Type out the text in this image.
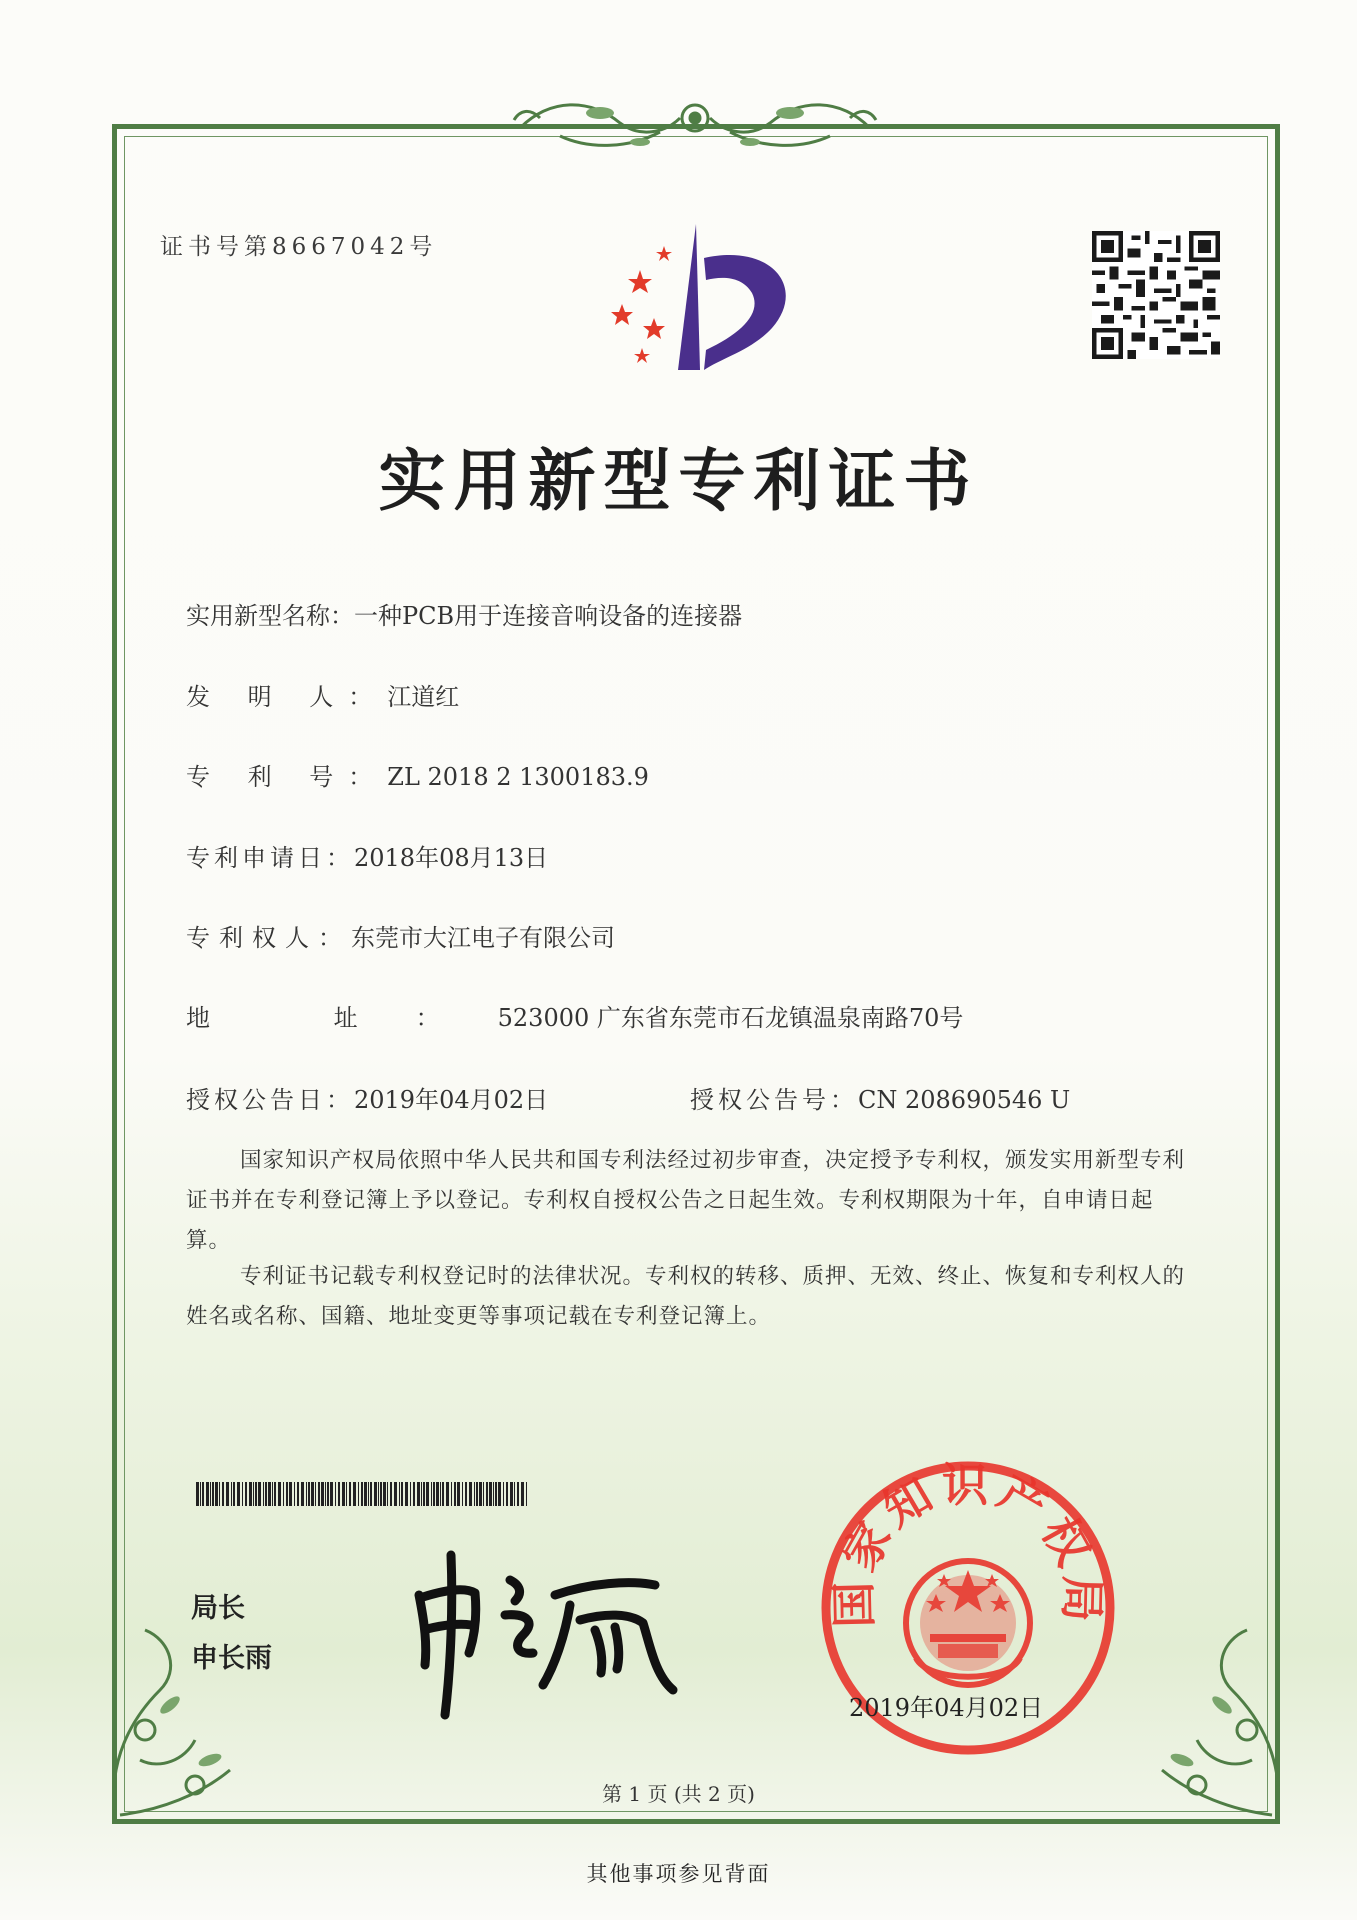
证书号第8667042号
实用新型专利证书
实用新型名称：一种PCB用于连接音响设备的连接器
发 明 人：江道红
专 利 号：ZL 2018 2 1300183.9
专利申请日：2018年08月13日
专利权人：东莞市大江电子有限公司
地 址：523000 广东省东莞市石龙镇温泉南路70号
授权公告日：2019年04月02日	授权公告号：CN 208690546 U
国家知识产权局依照中华人民共和国专利法经过初步审查，决定授予专利权，颁发实用新型专利证书并在专利登记簿上予以登记。专利权自授权公告之日起生效。专利权期限为十年，自申请日起算。
专利证书记载专利权登记时的法律状况。专利权的转移、质押、无效、终止、恢复和专利权人的姓名或名称、国籍、地址变更等事项记载在专利登记簿上。
局长
申长雨
国家知识产权局
2019年04月02日
第 1 页 (共 2 页)
其他事项参见背面
